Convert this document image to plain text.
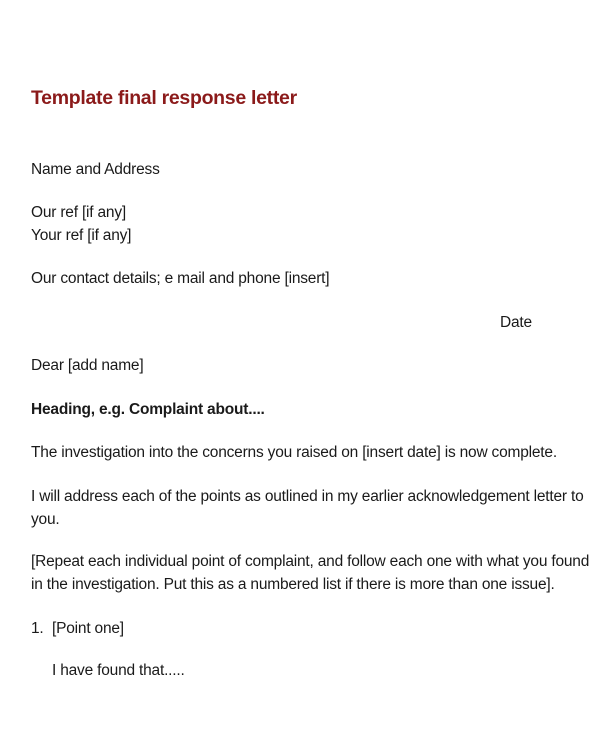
Template final response letter
Name and Address
Our ref [if any]
Your ref [if any]
Our contact details; e mail and phone [insert]
Date
Dear [add name]
Heading, e.g. Complaint about....
The investigation into the concerns you raised on [insert date] is now complete.
I will address each of the points as outlined in my earlier acknowledgement letter to
you.
[Repeat each individual point of complaint, and follow each one with what you found
in the investigation. Put this as a numbered list if there is more than one issue].
1. [Point one]
I have found that.....
